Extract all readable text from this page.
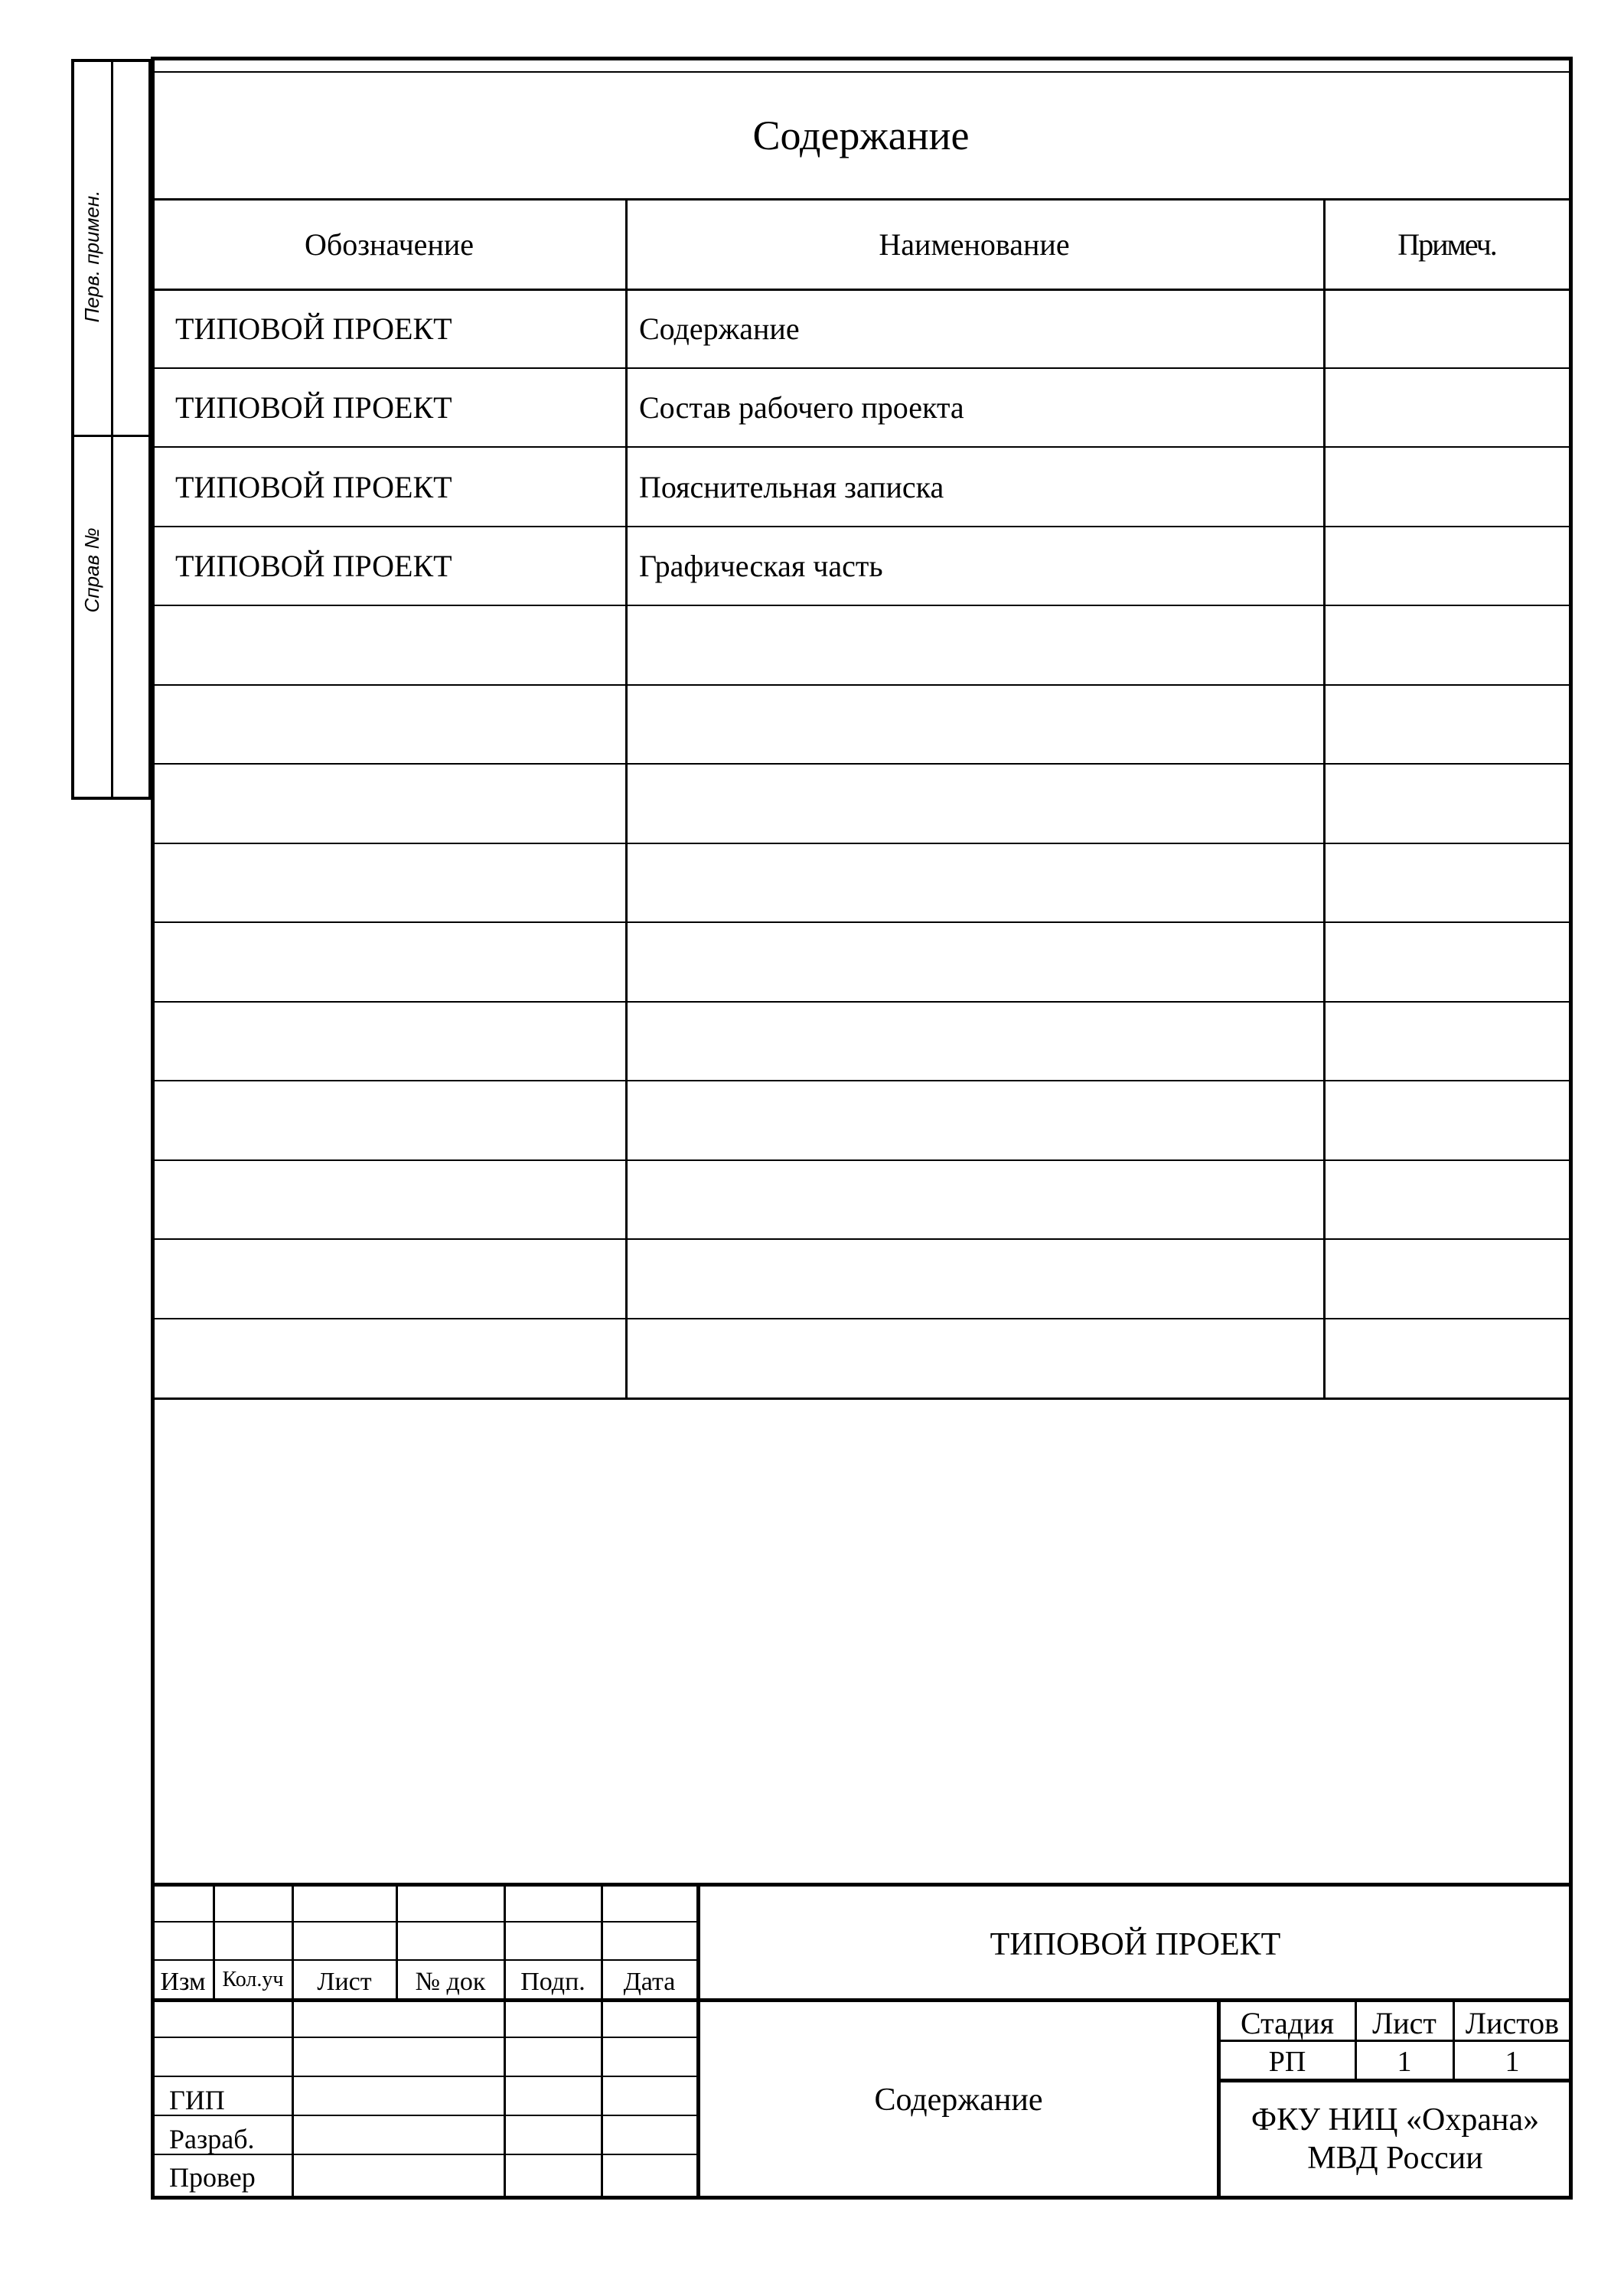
Перв. примен.
Справ №
Содержание
Обозначение	Наименование	Примеч.
ТИПОВОЙ ПРОЕКТ	Содержание
ТИПОВОЙ ПРОЕКТ	Состав рабочего проекта
ТИПОВОЙ ПРОЕКТ	Пояснительная записка
ТИПОВОЙ ПРОЕКТ	Графическая часть
Изм Кол.уч	Лист	№ док	Подп.	Дата
ГИП
Разраб.
Провер
ТИПОВОЙ ПРОЕКТ
Содержание
Стадия	Лист Листов
РП	1	1
ФКУ НИЦ «Охрана»
МВД России
